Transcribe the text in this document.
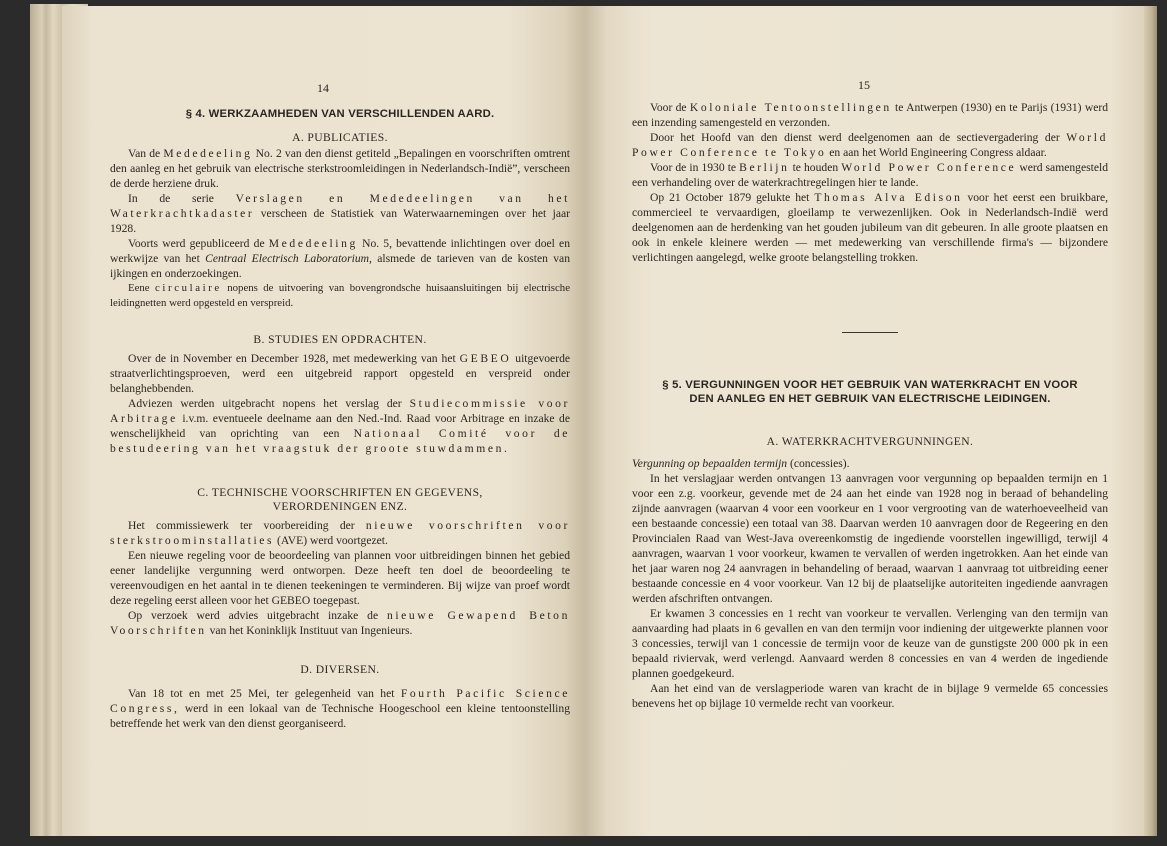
14
§ 4. WERKZAAMHEDEN VAN VERSCHILLENDEN AARD.
A. PUBLICATIES.

Van de Mededeeling No. 2 van den dienst getiteld „Bepalingen en voorschriften omtrent den aanleg en het gebruik van electrische sterkstroomleidingen in Nederlandsch-Indië”, verscheen de derde herziene druk.

In de serie Verslagen en Mededeelingen van het Waterkrachtkadaster verscheen de Statistiek van Waterwaarnemingen over het jaar 1928.

Voorts werd gepubliceerd de Mededeeling No. 5, bevattende inlichtingen over doel en werkwijze van het Centraal Electrisch Laboratorium, alsmede de tarieven van de kosten van ijkingen en onderzoekingen.

Eene circulaire nopens de uitvoering van bovengrondsche huisaansluitingen bij electrische leidingnetten werd opgesteld en verspreid.

B. STUDIES EN OPDRACHTEN.

Over de in November en December 1928, met medewerking van het GEBEO uitgevoerde straatverlichtingsproeven, werd een uitgebreid rapport opgesteld en verspreid onder belanghebbenden.

Adviezen werden uitgebracht nopens het verslag der Studiecommissie voor Arbitrage i.v.m. eventueele deelname aan den Ned.-Ind. Raad voor Arbitrage en inzake de wenschelijkheid van oprichting van een Nationaal Comité voor de bestudeering van het vraagstuk der groote stuwdammen.

C. TECHNISCHE VOORSCHRIFTEN EN GEGEVENS, VERORDENINGEN ENZ.

Het commissiewerk ter voorbereiding der nieuwe voorschriften voor sterkstroominstallaties (AVE) werd voortgezet.

Een nieuwe regeling voor de beoordeeling van plannen voor uitbreidingen binnen het gebied eener landelijke vergunning werd ontworpen. Deze heeft ten doel de beoordeeling te vereenvoudigen en het aantal in te dienen teekeningen te verminderen. Bij wijze van proef wordt deze regeling eerst alleen voor het GEBEO toegepast.

Op verzoek werd advies uitgebracht inzake de nieuwe Gewapend Beton Voorschriften van het Koninklijk Instituut van Ingenieurs.

D. DIVERSEN.

Van 18 tot en met 25 Mei, ter gelegenheid van het Fourth Pacific Science Congress, werd in een lokaal van de Technische Hoogeschool een kleine tentoonstelling betreffende het werk van den dienst georganiseerd.

15

Voor de Koloniale Tentoonstellingen te Antwerpen (1930) en te Parijs (1931) werd een inzending samengesteld en verzonden.

Door het Hoofd van den dienst werd deelgenomen aan de sectievergadering der World Power Conference te Tokyo en aan het World Engineering Congress aldaar.

Voor de in 1930 te Berlijn te houden World Power Conference werd samengesteld een verhandeling over de waterkrachtregelingen hier te lande.

Op 21 October 1879 gelukte het Thomas Alva Edison voor het eerst een bruikbare, commercieel te vervaardigen, gloeilamp te verwezenlijken. Ook in Nederlandsch-Indië werd deelgenomen aan de herdenking van het gouden jubileum van dit gebeuren. In alle groote plaatsen en ook in enkele kleinere werden — met medewerking van verschillende firma's — bijzondere verlichtingen aangelegd, welke groote belangstelling trokken.

§ 5. VERGUNNINGEN VOOR HET GEBRUIK VAN WATERKRACHT EN VOOR DEN AANLEG EN HET GEBRUIK VAN ELECTRISCHE LEIDINGEN.
A. WATERKRACHTVERGUNNINGEN.

Vergunning op bepaalden termijn (concessies).

In het verslagjaar werden ontvangen 13 aanvragen voor vergunning op bepaalden termijn en 1 voor een z.g. voorkeur, gevende met de 24 aan het einde van 1928 nog in beraad of behandeling zijnde aanvragen (waarvan 4 voor een voorkeur en 1 voor vergrooting van de waterhoeveelheid van een bestaande concessie) een totaal van 38. Daarvan werden 10 aanvragen door de Regeering en den Provincialen Raad van West-Java overeenkomstig de ingediende voorstellen ingewilligd, terwijl 4 aanvragen, waarvan 1 voor voorkeur, kwamen te vervallen of werden ingetrokken. Aan het einde van het jaar waren nog 24 aanvragen in behandeling of beraad, waarvan 1 aanvraag tot uitbreiding eener bestaande concessie en 4 voor voorkeur. Van 12 bij de plaatselijke autoriteiten ingediende aanvragen werden afschriften ontvangen.

Er kwamen 3 concessies en 1 recht van voorkeur te vervallen. Verlenging van den termijn van aanvaarding had plaats in 6 gevallen en van den termijn voor indiening der uitgewerkte plannen voor 3 concessies, terwijl van 1 concessie de termijn voor de keuze van de gunstigste 200 000 pk in een bepaald riviervak, werd verlengd. Aanvaard werden 8 concessies en van 4 werden de ingediende plannen goedgekeurd.

Aan het eind van de verslagperiode waren van kracht de in bijlage 9 vermelde 65 concessies benevens het op bijlage 10 vermelde recht van voorkeur.
